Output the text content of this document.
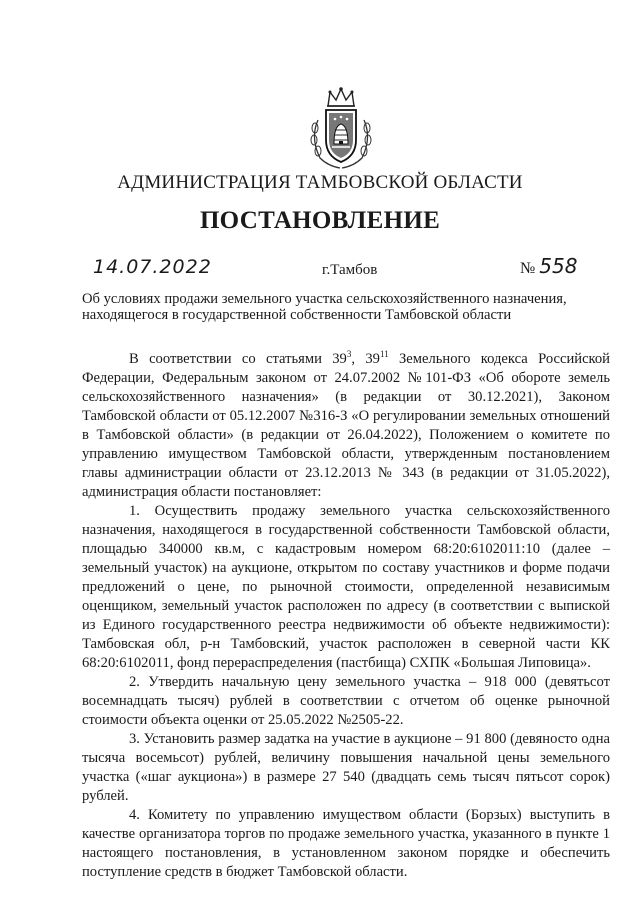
АДМИНИСТРАЦИЯ ТАМБОВСКОЙ ОБЛАСТИ
ПОСТАНОВЛЕНИЕ
14.07.2022	г.Тамбов	№ 558
Об условиях продажи земельного участка сельскохозяйственного назначения,
находящегося в государственной собственности Тамбовской области

В соответствии со статьями $39^3$, $39^{11}$ Земельного кодекса Российской Федерации, Федеральным законом от 24.07.2002 №101-ФЗ «Об обороте земель сельскохозяйственного назначения» (в редакции от 30.12.2021), Законом Тамбовской области от 05.12.2007 №316-З «О регулировании земельных отношений в Тамбовской области» (в редакции от 26.04.2022), Положением о комитете по управлению имуществом Тамбовской области, утвержденным постановлением главы администрации области от 23.12.2013 № 343 (в редакции от 31.05.2022), администрация области постановляет:

1. Осуществить продажу земельного участка сельскохозяйственного назначения, находящегося в государственной собственности Тамбовской области, площадью 340000 кв.м, с кадастровым номером 68:20:6102011:10 (далее – земельный участок) на аукционе, открытом по составу участников и форме подачи предложений о цене, по рыночной стоимости, определенной независимым оценщиком, земельный участок расположен по адресу (в соответствии с выпиской из Единого государственного реестра недвижимости об объекте недвижимости): Тамбовская обл, р-н Тамбовский, участок расположен в северной части КК 68:20:6102011, фонд перераспределения (пастбища) СХПК «Большая Липовица».

2. Утвердить начальную цену земельного участка – 918 000 (девятьсот восемнадцать тысяч) рублей в соответствии с отчетом об оценке рыночной стоимости объекта оценки от 25.05.2022 №2505-22.

3. Установить размер задатка на участие в аукционе – 91 800 (девяносто одна тысяча восемьсот) рублей, величину повышения начальной цены земельного участка («шаг аукциона») в размере 27 540 (двадцать семь тысяч пятьсот сорок) рублей.

4. Комитету по управлению имуществом области (Борзых) выступить в качестве организатора торгов по продаже земельного участка, указанного в пункте 1 настоящего постановления, в установленном законом порядке и обеспечить поступление средств в бюджет Тамбовской области.
